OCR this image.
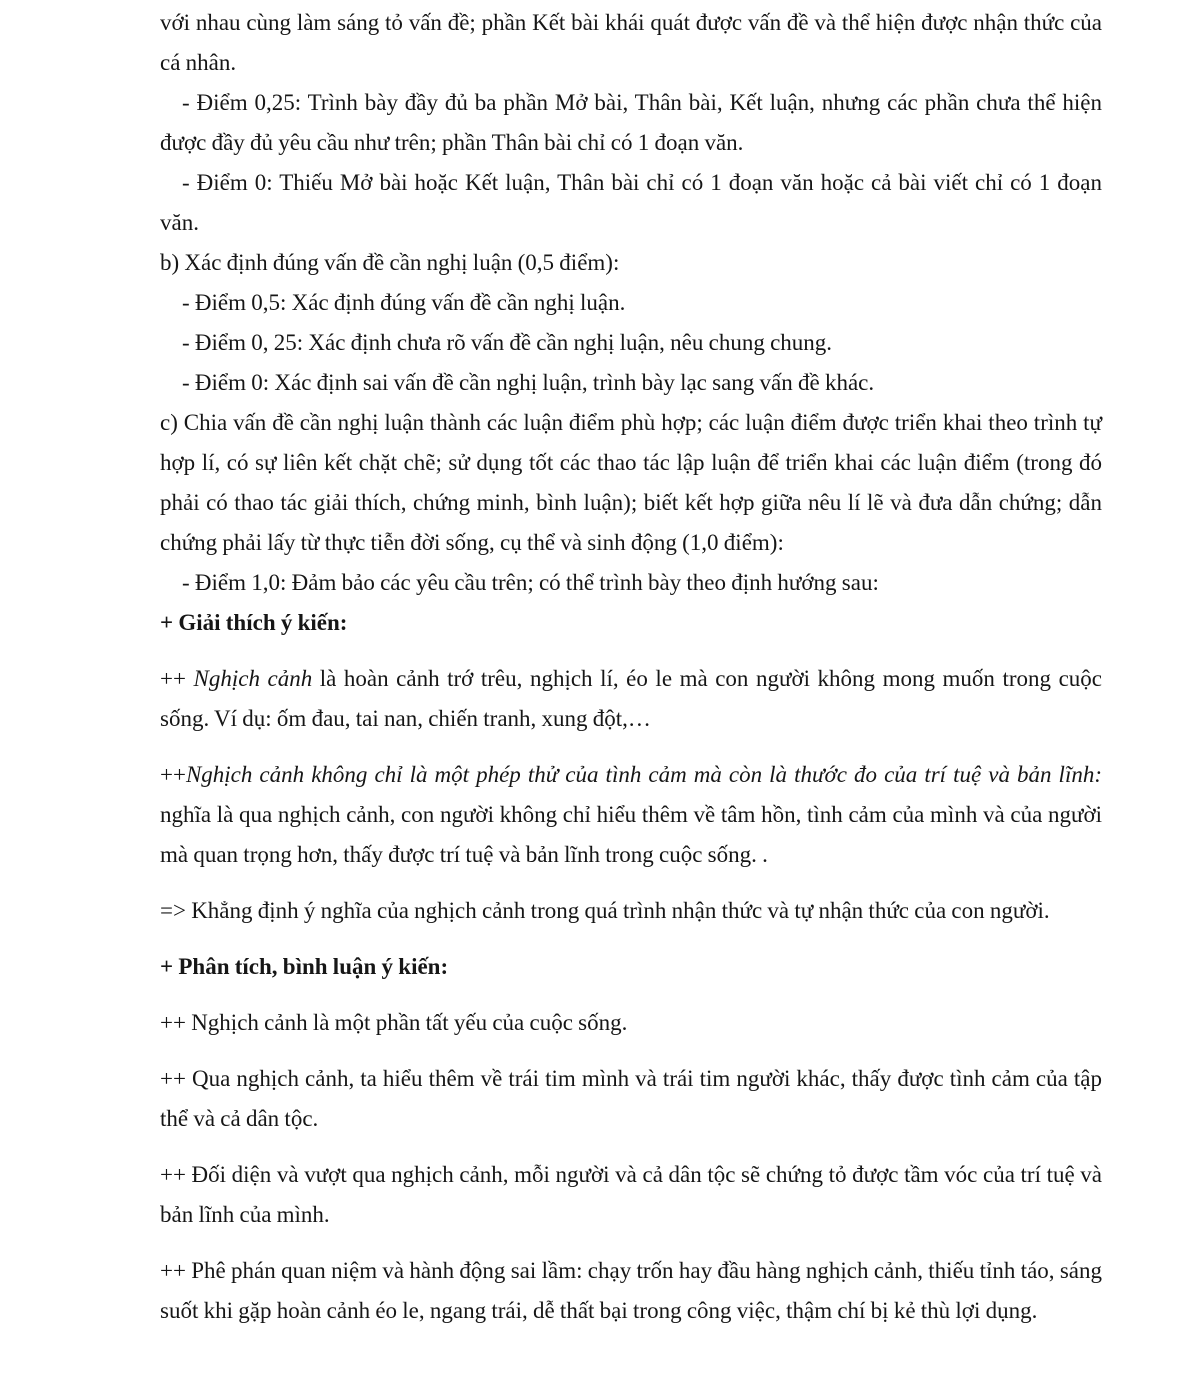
với nhau cùng làm sáng tỏ vấn đề; phần Kết bài khái quát được vấn đề và thể hiện được nhận thức của cá nhân.

- Điểm 0,25: Trình bày đầy đủ ba phần Mở bài, Thân bài, Kết luận, nhưng các phần chưa thể hiện được đầy đủ yêu cầu như trên; phần Thân bài chỉ có 1 đoạn văn.

- Điểm 0: Thiếu Mở bài hoặc Kết luận, Thân bài chỉ có 1 đoạn văn hoặc cả bài viết chỉ có 1 đoạn văn.

b) Xác định đúng vấn đề cần nghị luận (0,5 điểm):

- Điểm 0,5: Xác định đúng vấn đề cần nghị luận.

- Điểm 0, 25: Xác định chưa rõ vấn đề cần nghị luận, nêu chung chung.

- Điểm 0: Xác định sai vấn đề cần nghị luận, trình bày lạc sang vấn đề khác.

c) Chia vấn đề cần nghị luận thành các luận điểm phù hợp; các luận điểm được triển khai theo trình tự hợp lí, có sự liên kết chặt chẽ; sử dụng tốt các thao tác lập luận để triển khai các luận điểm (trong đó phải có thao tác giải thích, chứng minh, bình luận); biết kết hợp giữa nêu lí lẽ và đưa dẫn chứng; dẫn chứng phải lấy từ thực tiễn đời sống, cụ thể và sinh động (1,0 điểm):

- Điểm 1,0: Đảm bảo các yêu cầu trên; có thể trình bày theo định hướng sau:

+ Giải thích ý kiến:

++ Nghịch cảnh là hoàn cảnh trớ trêu, nghịch lí, éo le mà con người không mong muốn trong cuộc sống. Ví dụ: ốm đau, tai nan, chiến tranh, xung đột,…

++Nghịch cảnh không chỉ là một phép thử của tình cảm mà còn là thước đo của trí tuệ và bản lĩnh: nghĩa là qua nghịch cảnh, con người không chỉ hiểu thêm về tâm hồn, tình cảm của mình và của người mà quan trọng hơn, thấy được trí tuệ và bản lĩnh trong cuộc sống. .

=> Khẳng định ý nghĩa của nghịch cảnh trong quá trình nhận thức và tự nhận thức của con người.

+ Phân tích, bình luận ý kiến:

++ Nghịch cảnh là một phần tất yếu của cuộc sống.

++ Qua nghịch cảnh, ta hiểu thêm về trái tim mình và trái tim người khác, thấy được tình cảm của tập thể và cả dân tộc.

++ Đối diện và vượt qua nghịch cảnh, mỗi người và cả dân tộc sẽ chứng tỏ được tầm vóc của trí tuệ và bản lĩnh của mình.

++ Phê phán quan niệm và hành động sai lầm: chạy trốn hay đầu hàng nghịch cảnh, thiếu tỉnh táo, sáng suốt khi gặp hoàn cảnh éo le, ngang trái, dễ thất bại trong công việc, thậm chí bị kẻ thù lợi dụng.
